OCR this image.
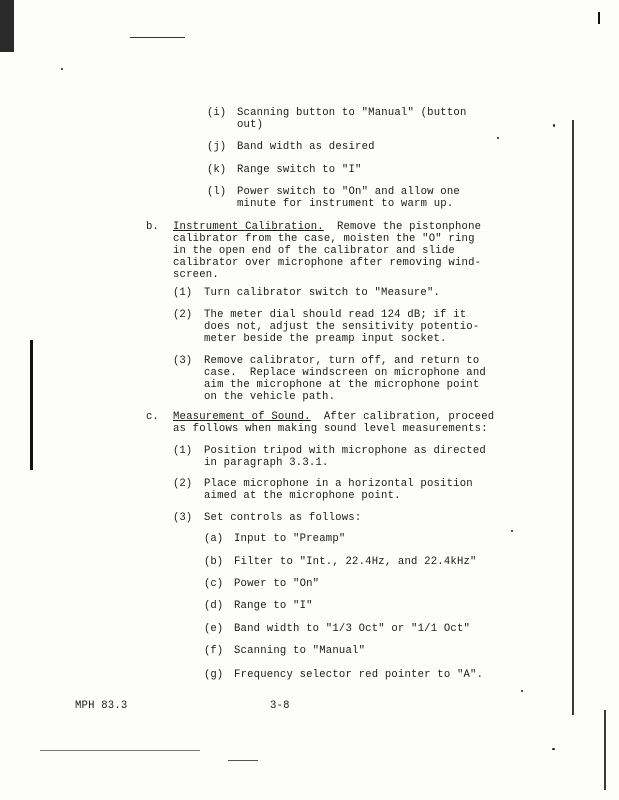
(i) Scanning button to "Manual" (button
out)
(j) Band width as desired
(k) Range switch to "I"
(l) Power switch to "On" and allow one
minute for instrument to warm up.
b. Instrument Calibration.  Remove the pistonphone
calibrator from the case, moisten the "O" ring
in the open end of the calibrator and slide
calibrator over microphone after removing wind-
screen.
(1) Turn calibrator switch to "Measure".
(2) The meter dial should read 124 dB; if it
does not, adjust the sensitivity potentio-
meter beside the preamp input socket.
(3) Remove calibrator, turn off, and return to
case.  Replace windscreen on microphone and
aim the microphone at the microphone point
on the vehicle path.
c. Measurement of Sound.  After calibration, proceed
as follows when making sound level measurements:
(1) Position tripod with microphone as directed
in paragraph 3.3.1.
(2) Place microphone in a horizontal position
aimed at the microphone point.
(3) Set controls as follows:
(a) Input to "Preamp"
(b) Filter to "Int., 22.4Hz, and 22.4kHz"
(c) Power to "On"
(d) Range to "I"
(e) Band width to "1/3 Oct" or "1/1 Oct"
(f) Scanning to "Manual"
(g) Frequency selector red pointer to "A".
MPH 83.3	3-8
